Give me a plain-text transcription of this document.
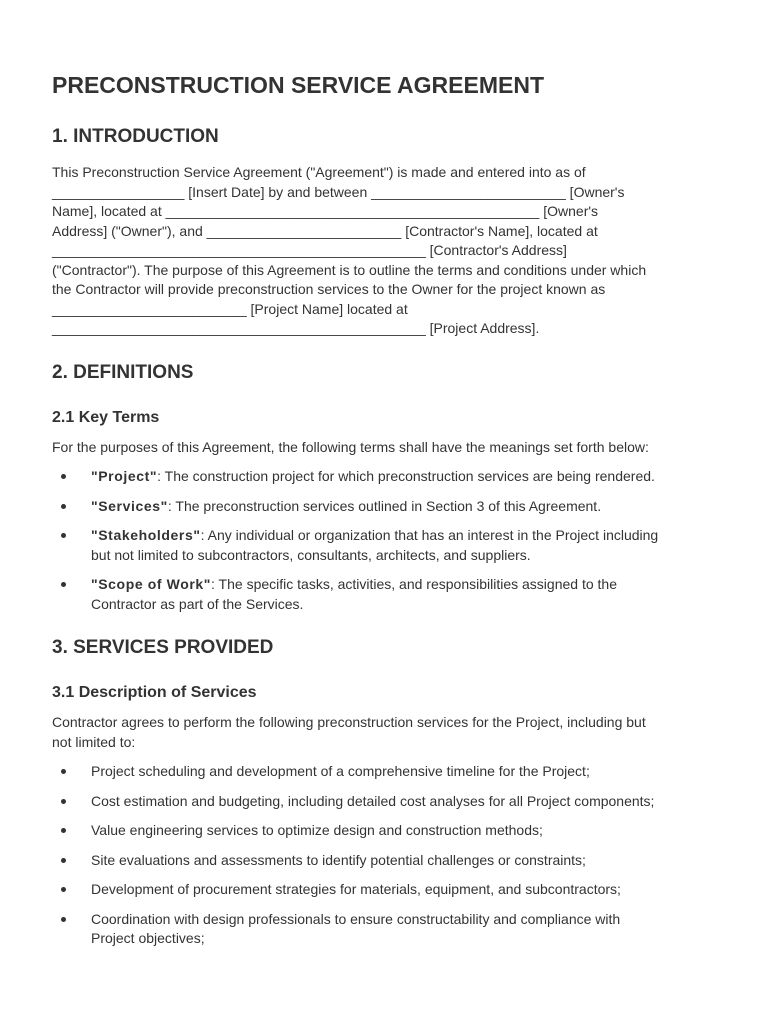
PRECONSTRUCTION SERVICE AGREEMENT
1. INTRODUCTION
This Preconstruction Service Agreement ("Agreement") is made and entered into as of
_________________ [Insert Date] by and between _________________________ [Owner's
Name], located at ________________________________________________ [Owner's
Address] ("Owner"), and _________________________ [Contractor's Name], located at
________________________________________________ [Contractor's Address]
("Contractor"). The purpose of this Agreement is to outline the terms and conditions under which
the Contractor will provide preconstruction services to the Owner for the project known as
_________________________ [Project Name] located at
________________________________________________ [Project Address].
2. DEFINITIONS
2.1 Key Terms

For the purposes of this Agreement, the following terms shall have the meanings set forth below:

"Project": The construction project for which preconstruction services are being rendered.
"Services": The preconstruction services outlined in Section 3 of this Agreement.
"Stakeholders": Any individual or organization that has an interest in the Project including
but not limited to subcontractors, consultants, architects, and suppliers.
"Scope of Work": The specific tasks, activities, and responsibilities assigned to the
Contractor as part of the Services.
3. SERVICES PROVIDED
3.1 Description of Services
Contractor agrees to perform the following preconstruction services for the Project, including but
not limited to:
Project scheduling and development of a comprehensive timeline for the Project;
Cost estimation and budgeting, including detailed cost analyses for all Project components;
Value engineering services to optimize design and construction methods;
Site evaluations and assessments to identify potential challenges or constraints;
Development of procurement strategies for materials, equipment, and subcontractors;
Coordination with design professionals to ensure constructability and compliance with
Project objectives;
